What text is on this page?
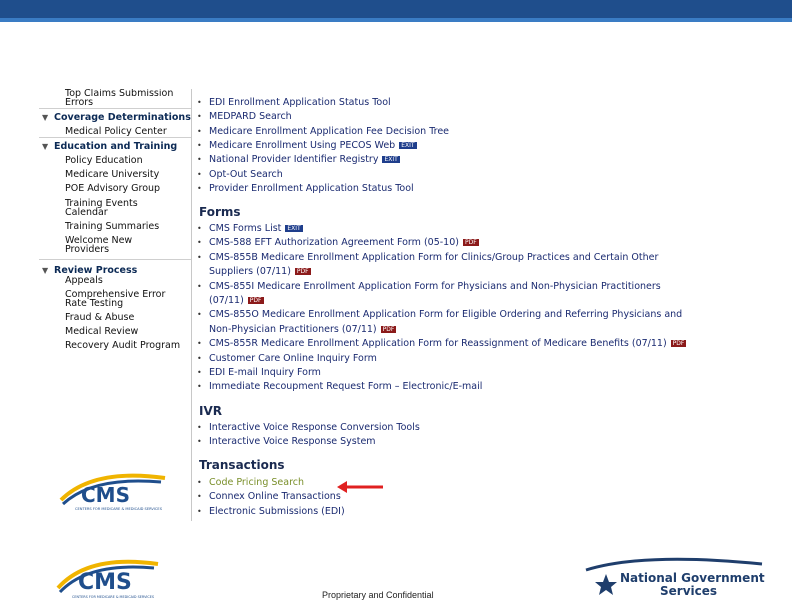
Top Claims Submission
Errors
▼ Coverage Determinations
Medical Policy Center
▼ Education and Training
Policy Education
Medicare University
POE Advisory Group
Training Events
Calendar
Training Summaries
Welcome New
Providers
▼ Review Process
Appeals
Comprehensive Error
Rate Testing
Fraud & Abuse
Medical Review
Recovery Audit Program
CMS
CENTERS FOR MEDICARE & MEDICAID SERVICES
• EDI Enrollment Application Status Tool
• MEDPARD Search
• Medicare Enrollment Application Fee Decision Tree
• Medicare Enrollment Using PECOS Web EXIT
• National Provider Identifier Registry EXIT
• Opt-Out Search
• Provider Enrollment Application Status Tool
Forms
• CMS Forms List EXIT
• CMS-588 EFT Authorization Agreement Form (05-10) PDF
• CMS-855B Medicare Enrollment Application Form for Clinics/Group Practices and Certain Other
Suppliers (07/11) PDF
• CMS-855I Medicare Enrollment Application Form for Physicians and Non-Physician Practitioners
(07/11) PDF
• CMS-855O Medicare Enrollment Application Form for Eligible Ordering and Referring Physicians and
Non-Physician Practitioners (07/11) PDF
• CMS-855R Medicare Enrollment Application Form for Reassignment of Medicare Benefits (07/11) PDF
• Customer Care Online Inquiry Form
• EDI E-mail Inquiry Form
• Immediate Recoupment Request Form – Electronic/E-mail
IVR
• Interactive Voice Response Conversion Tools
• Interactive Voice Response System
Transactions
• Code Pricing Search
• Connex Online Transactions
• Electronic Submissions (EDI)
CMS
CENTERS FOR MEDICARE & MEDICAID SERVICES	Proprietary and Confidential
National Government
Services
